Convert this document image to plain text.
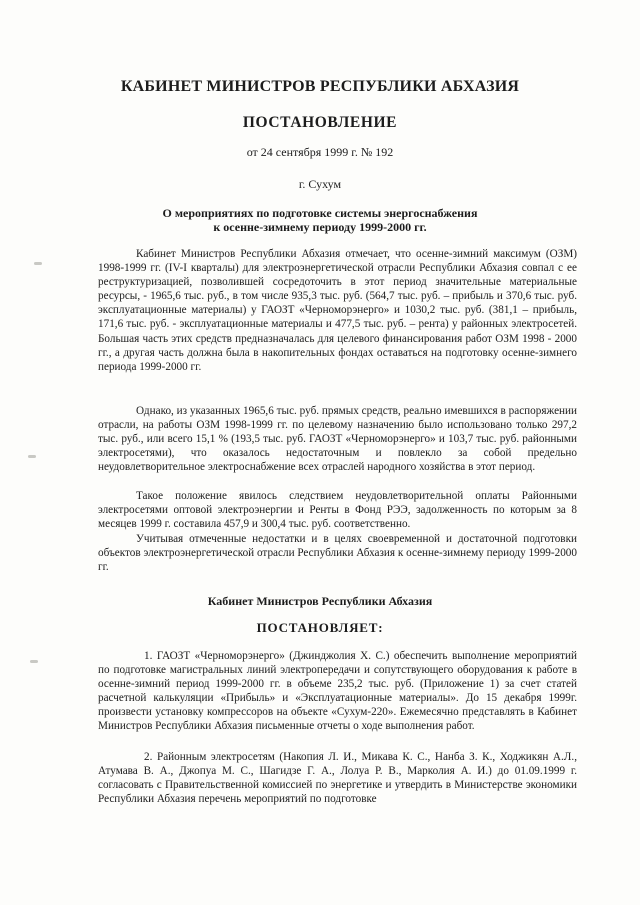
КАБИНЕТ МИНИСТРОВ РЕСПУБЛИКИ АБХАЗИЯ
ПОСТАНОВЛЕНИЕ
от 24 сентября 1999 г. № 192
г. Сухум
О мероприятиях по подготовке системы энергоснабжения
к осенне-зимнему периоду 1999-2000 гг.

Кабинет Министров Республики Абхазия отмечает, что осенне-зимний максимум (ОЗМ) 1998-1999 гг. (IV-I кварталы) для электроэнергетической отрасли Республики Абхазия совпал с ее реструктуризацией, позволившей сосредоточить в этот период значительные материальные ресурсы, - 1965,6 тыс. руб., в том числе 935,3 тыс. руб. (564,7 тыс. руб. – прибыль и 370,6 тыс. руб. эксплуатационные материалы) у ГАОЗТ «Черноморэнерго» и 1030,2 тыс. руб. (381,1 – прибыль, 171,6 тыс. руб. - эксплуатационные материалы и 477,5 тыс. руб. – рента) у районных электросетей. Большая часть этих средств предназначалась для целевого финансирования работ ОЗМ 1998 - 2000 гг., а другая часть должна была в накопительных фондах оставаться на подготовку осенне-зимнего периода 1999-2000 гг.

Однако, из указанных 1965,6 тыс. руб. прямых средств, реально имевшихся в распоряжении отрасли, на работы ОЗМ 1998-1999 гг. по целевому назначению было использовано только 297,2 тыс. руб., или всего 15,1 % (193,5 тыс. руб. ГАОЗТ «Черноморэнерго» и 103,7 тыс. руб. районными электросетями), что оказалось недостаточным и повлекло за собой предельно неудовлетворительное электроснабжение всех отраслей народного хозяйства в этот период.

Такое положение явилось следствием неудовлетворительной оплаты Районными электросетями оптовой электроэнергии и Ренты в Фонд РЭЭ, задолженность по которым за 8 месяцев 1999 г. составила 457,9 и 300,4 тыс. руб. соответственно.

Учитывая отмеченные недостатки и в целях своевременной и достаточной подготовки объектов электроэнергетической отрасли Республики Абхазия к осенне-зимнему периоду 1999-2000 гг.

Кабинет Министров Республики Абхазия
ПОСТАНОВЛЯЕТ:

1. ГАОЗТ «Черноморэнерго» (Джинджолия Х. С.) обеспечить выполнение мероприятий по подготовке магистральных линий электропередачи и сопутствующего оборудования к работе в осенне-зимний период 1999-2000 гг. в объеме 235,2 тыс. руб. (Приложение 1) за счет статей расчетной калькуляции «Прибыль» и «Эксплуатационные материалы». До 15 декабря 1999г. произвести установку компрессоров на объекте «Сухум-220». Ежемесячно представлять в Кабинет Министров Республики Абхазия письменные отчеты о ходе выполнения работ.

2. Районным электросетям (Накопия Л. И., Микава К. С., Нанба З. К., Ходжикян А.Л., Атумава В. А., Джопуа М. С., Шагидзе Г. А., Лолуа Р. В., Марколия А. И.) до 01.09.1999 г. согласовать с Правительственной комиссией по энергетике и утвердить в Министерстве экономики Республики Абхазия перечень мероприятий по подготовке
